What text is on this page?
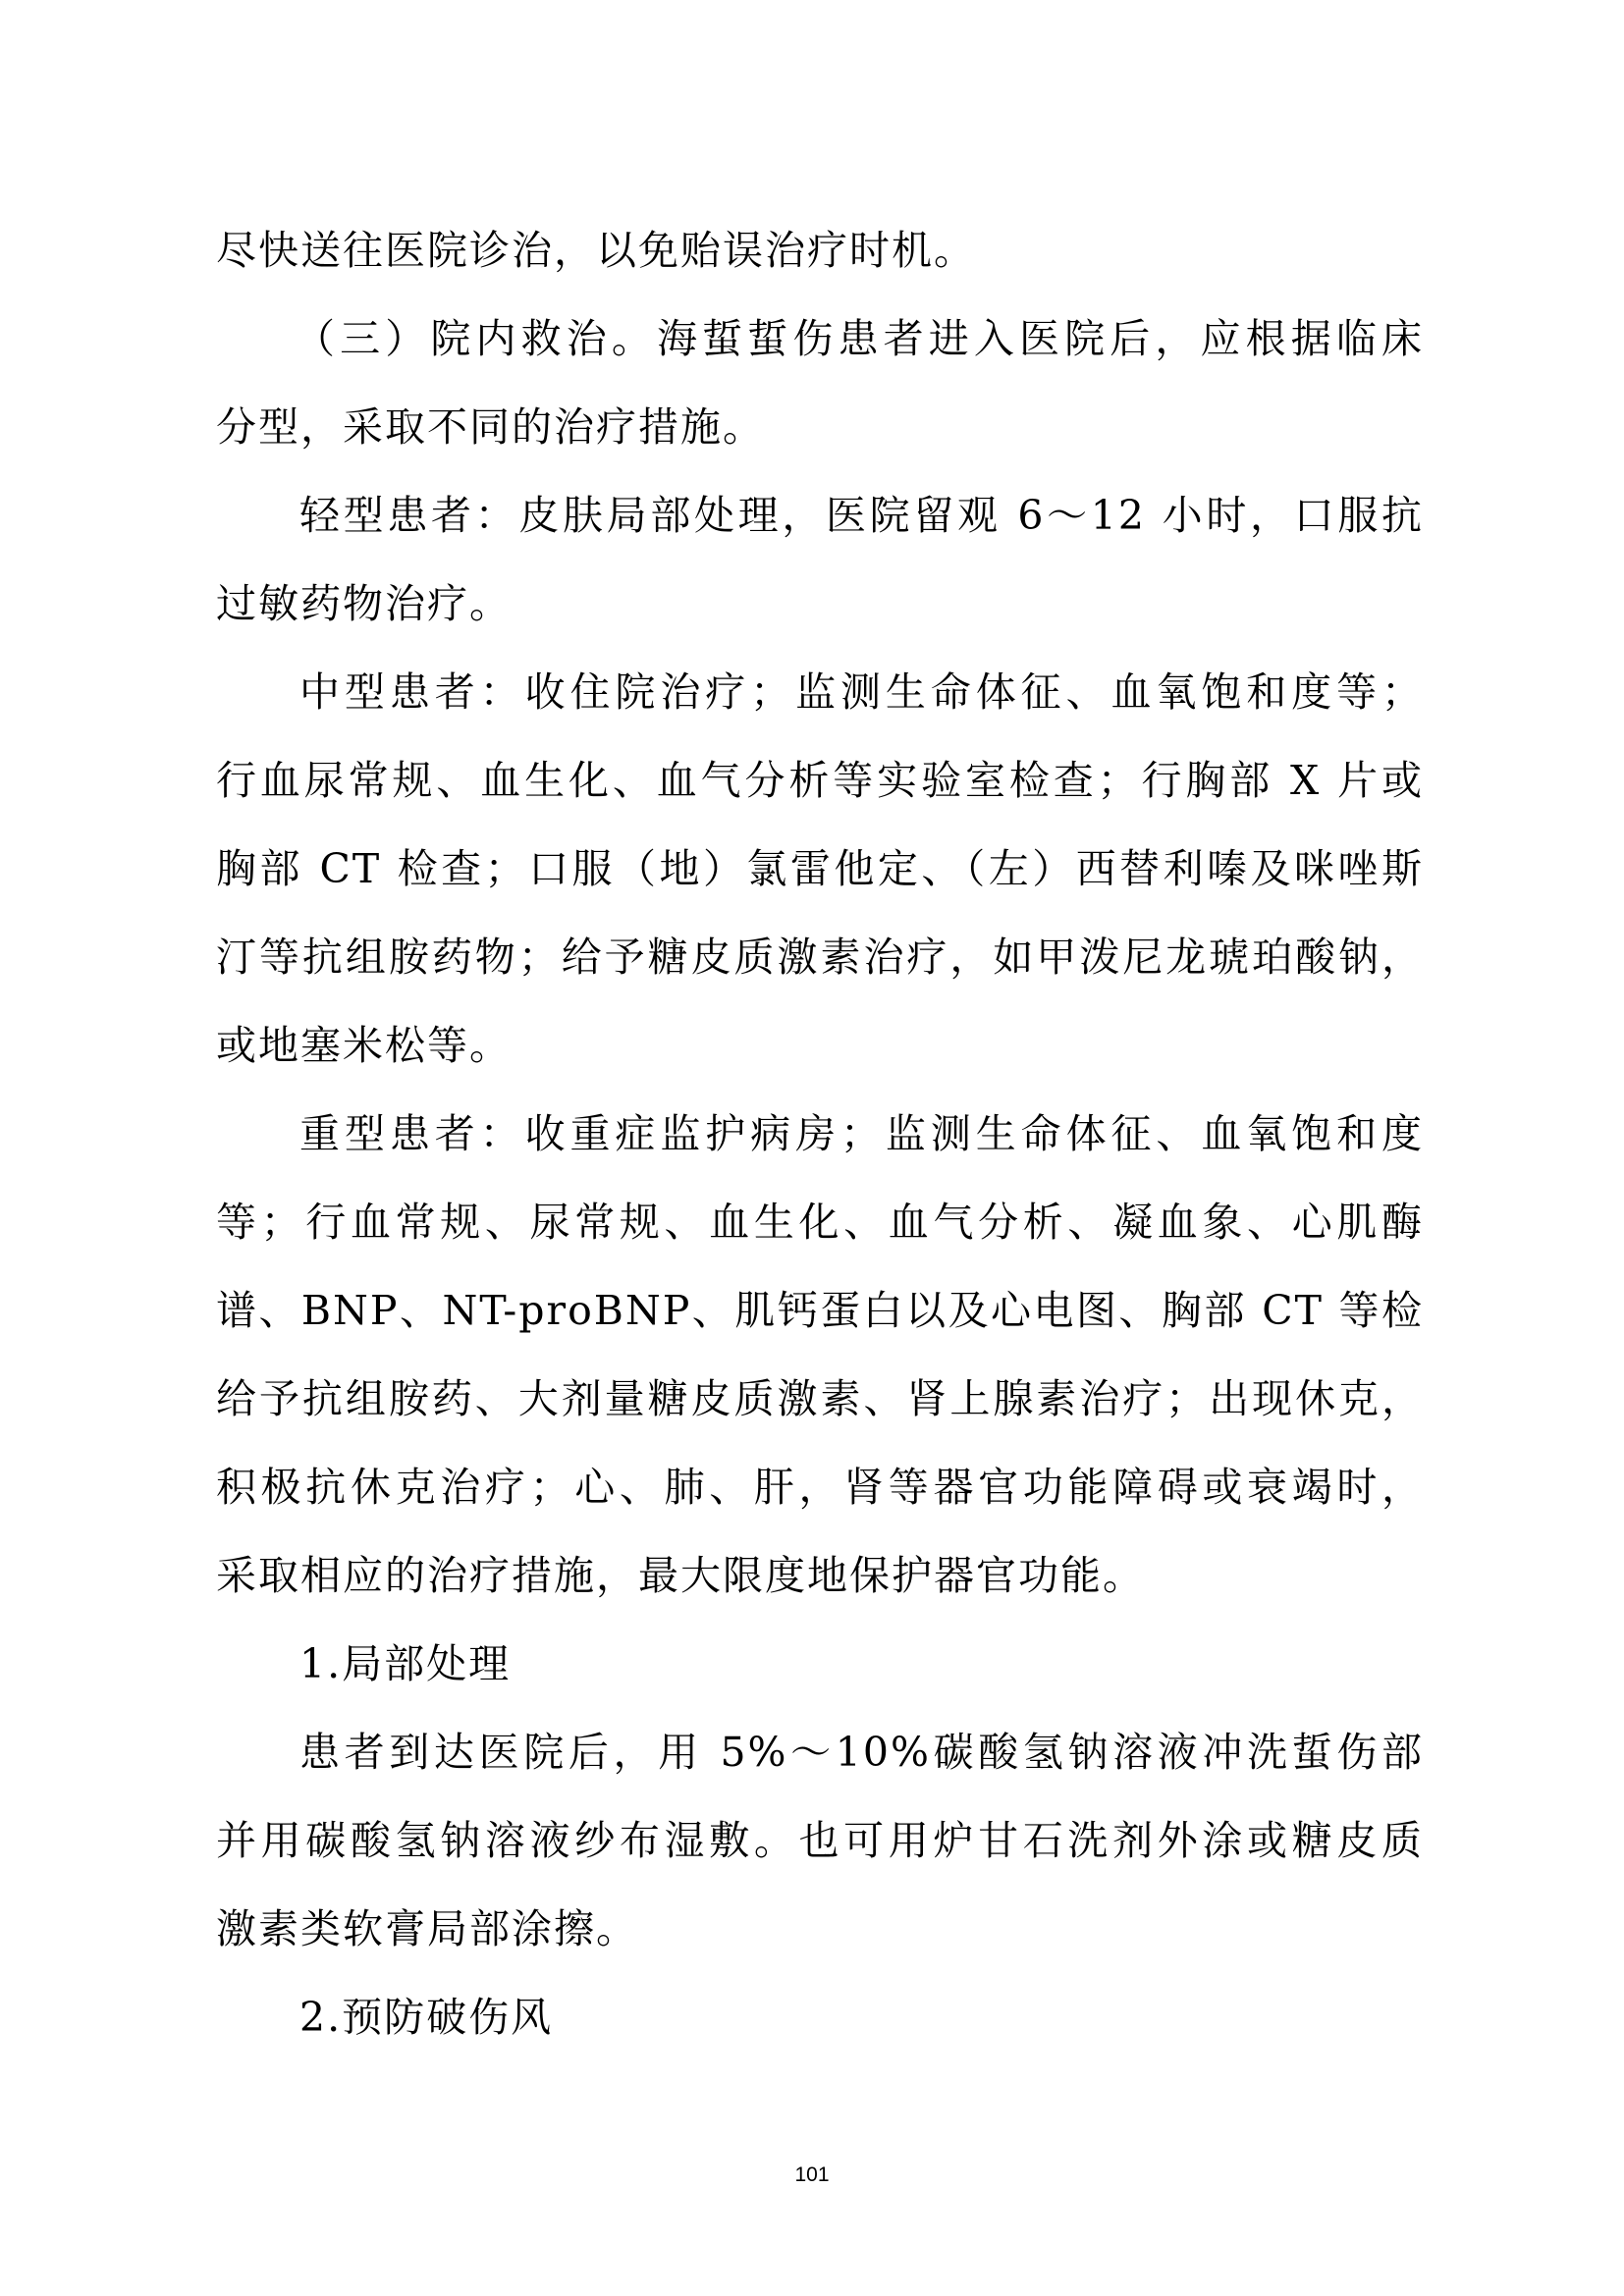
尽快送往医院诊治，以免贻误治疗时机。
（三）院内救治。海蜇蜇伤患者进入医院后，应根据临床
分型，采取不同的治疗措施。
轻型患者：皮肤局部处理，医院留观 6～12 小时，口服抗
过敏药物治疗。
中型患者：收住院治疗；监测生命体征、血氧饱和度等；
行血尿常规、血生化、血气分析等实验室检查；行胸部 X 片或
胸部 CT 检查；口服（地）氯雷他定、（左）西替利嗪及咪唑斯
汀等抗组胺药物；给予糖皮质激素治疗，如甲泼尼龙琥珀酸钠，
或地塞米松等。
重型患者：收重症监护病房；监测生命体征、血氧饱和度
等；行血常规、尿常规、血生化、血气分析、凝血象、心肌酶
谱、BNP、NT-proBNP、肌钙蛋白以及心电图、胸部 CT 等检
给予抗组胺药、大剂量糖皮质激素、肾上腺素治疗；出现休克，
积极抗休克治疗；心、肺、肝，肾等器官功能障碍或衰竭时，
采取相应的治疗措施，最大限度地保护器官功能。
1.局部处理
患者到达医院后，用 5%～10%碳酸氢钠溶液冲洗蜇伤部
并用碳酸氢钠溶液纱布湿敷。也可用炉甘石洗剂外涂或糖皮质
激素类软膏局部涂擦。
2.预防破伤风
101
